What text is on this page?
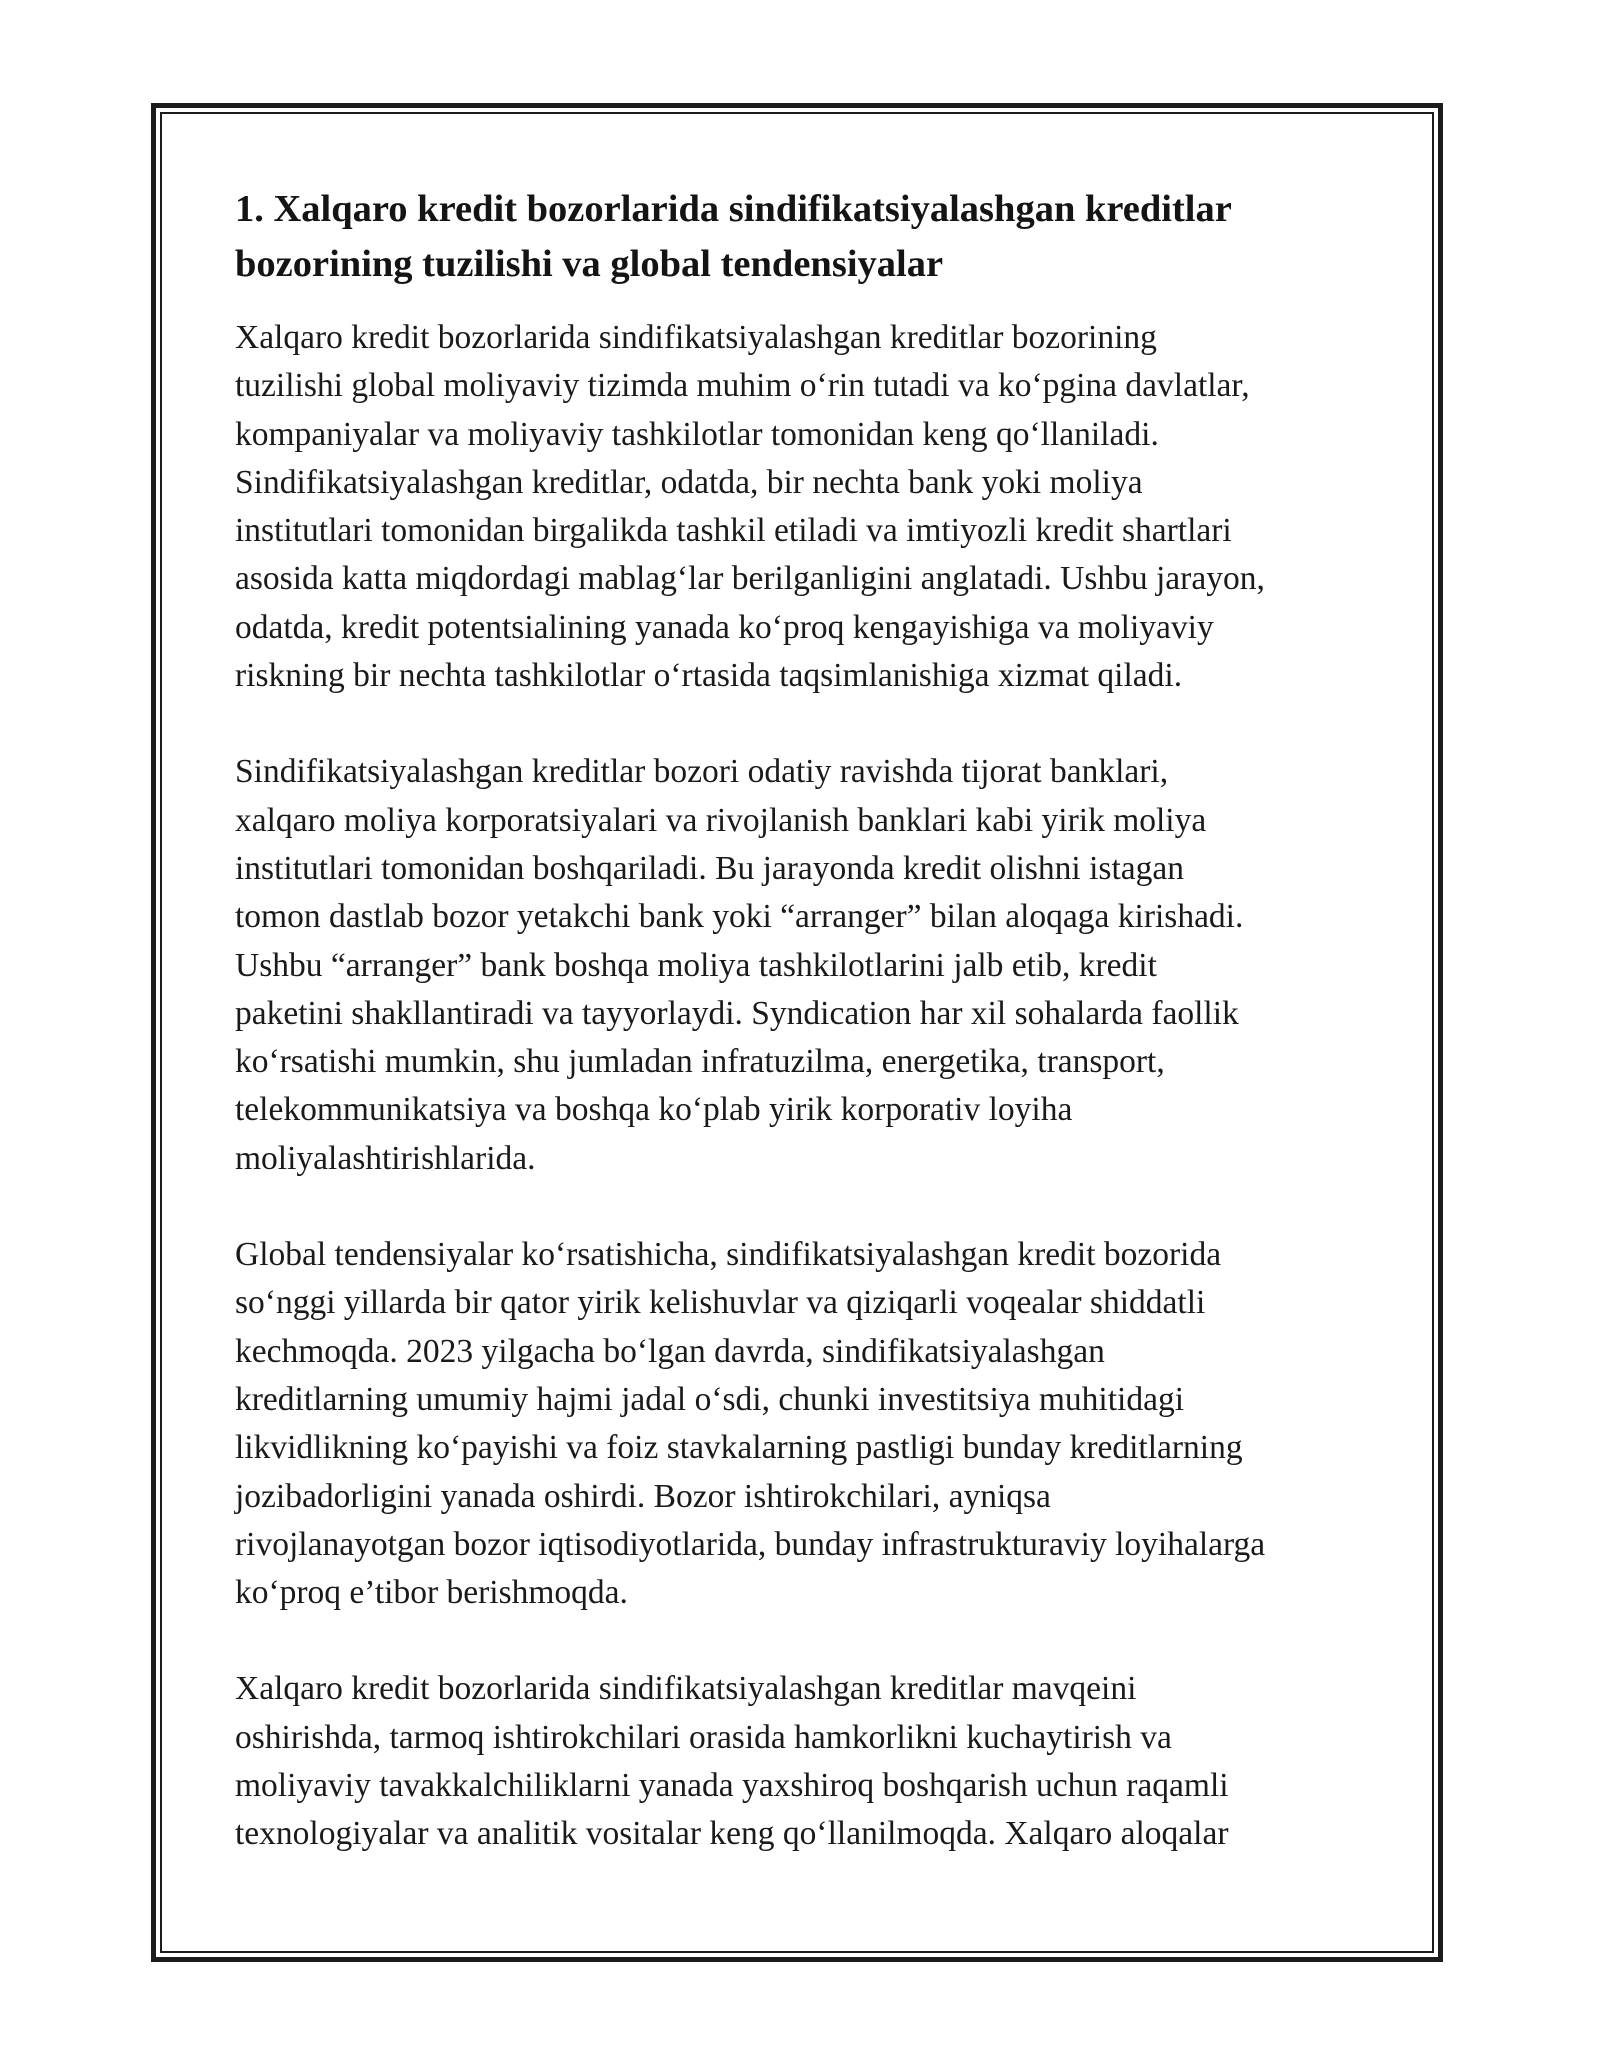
1. Xalqaro kredit bozorlarida sindifikatsiyalashgan kreditlar
bozorining tuzilishi va global tendensiyalar

Xalqaro kredit bozorlarida sindifikatsiyalashgan kreditlar bozorining
tuzilishi global moliyaviy tizimda muhim oʻrin tutadi va koʻpgina davlatlar,
kompaniyalar va moliyaviy tashkilotlar tomonidan keng qoʻllaniladi.
Sindifikatsiyalashgan kreditlar, odatda, bir nechta bank yoki moliya
institutlari tomonidan birgalikda tashkil etiladi va imtiyozli kredit shartlari
asosida katta miqdordagi mablagʻlar berilganligini anglatadi. Ushbu jarayon,
odatda, kredit potentsialining yanada koʻproq kengayishiga va moliyaviy
riskning bir nechta tashkilotlar oʻrtasida taqsimlanishiga xizmat qiladi.

Sindifikatsiyalashgan kreditlar bozori odatiy ravishda tijorat banklari,
xalqaro moliya korporatsiyalari va rivojlanish banklari kabi yirik moliya
institutlari tomonidan boshqariladi. Bu jarayonda kredit olishni istagan
tomon dastlab bozor yetakchi bank yoki “arranger” bilan aloqaga kirishadi.
Ushbu “arranger” bank boshqa moliya tashkilotlarini jalb etib, kredit
paketini shakllantiradi va tayyorlaydi. Syndication har xil sohalarda faollik
koʻrsatishi mumkin, shu jumladan infratuzilma, energetika, transport,
telekommunikatsiya va boshqa koʻplab yirik korporativ loyiha
moliyalashtirishlarida.

Global tendensiyalar koʻrsatishicha, sindifikatsiyalashgan kredit bozorida
soʻnggi yillarda bir qator yirik kelishuvlar va qiziqarli voqealar shiddatli
kechmoqda. 2023 yilgacha boʻlgan davrda, sindifikatsiyalashgan
kreditlarning umumiy hajmi jadal oʻsdi, chunki investitsiya muhitidagi
likvidlikning koʻpayishi va foiz stavkalarning pastligi bunday kreditlarning
jozibadorligini yanada oshirdi. Bozor ishtirokchilari, ayniqsa
rivojlanayotgan bozor iqtisodiyotlarida, bunday infrastrukturaviy loyihalarga
koʻproq e’tibor berishmoqda.

Xalqaro kredit bozorlarida sindifikatsiyalashgan kreditlar mavqeini
oshirishda, tarmoq ishtirokchilari orasida hamkorlikni kuchaytirish va
moliyaviy tavakkalchiliklarni yanada yaxshiroq boshqarish uchun raqamli
texnologiyalar va analitik vositalar keng qoʻllanilmoqda. Xalqaro aloqalar
